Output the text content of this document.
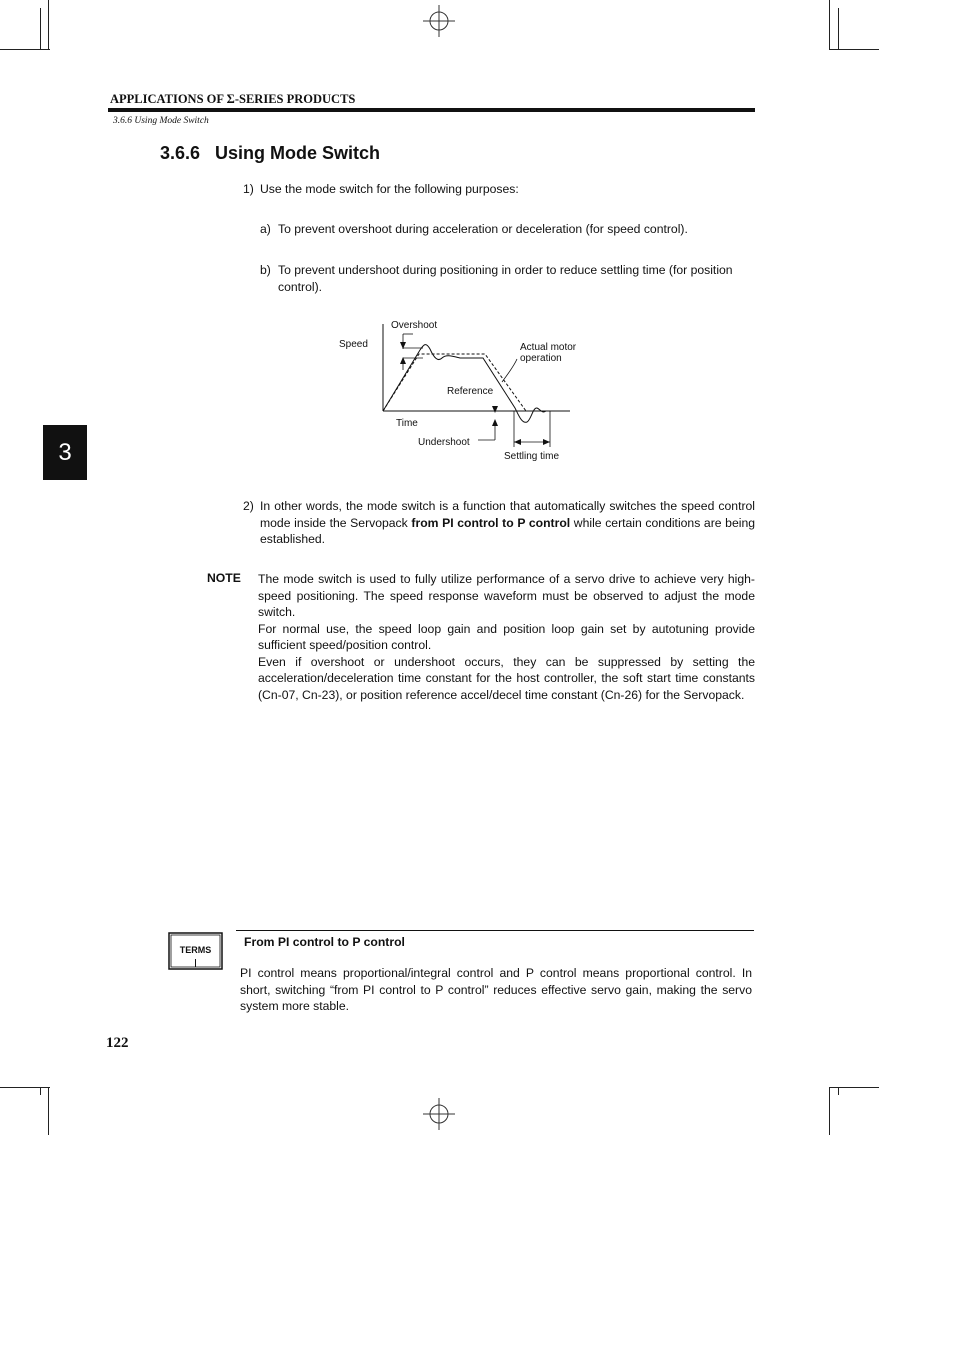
APPLICATIONS OF Σ-SERIES PRODUCTS
3.6.6 Using Mode Switch
3.6.6   Using Mode Switch
1) Use the mode switch for the following purposes:
a) To prevent overshoot during acceleration or deceleration (for speed control).
b) To prevent undershoot during positioning in order to reduce settling time (for position control).
Speed
Overshoot
Actual motor
operation
Reference
Time
Undershoot
Settling time
3
2) In other words, the mode switch is a function that automatically switches the speed control mode inside the Servopack from PI control to P control while certain conditions are being established.
NOTE The mode switch is used to fully utilize performance of a servo drive to achieve very high-speed positioning. The speed response waveform must be observed to adjust the mode switch.
For normal use, the speed loop gain and position loop gain set by autotuning provide sufficient speed/position control.
Even if overshoot or undershoot occurs, they can be suppressed by setting the acceleration/deceleration time constant for the host controller, the soft start time constants (Cn-07, Cn-23), or position reference accel/decel time constant (Cn-26) for the Servopack.
TERMS
From PI control to P control
PI control means proportional/integral control and P control means proportional control. In short, switching “from PI control to P control” reduces effective servo gain, making the servo system more stable.
122
